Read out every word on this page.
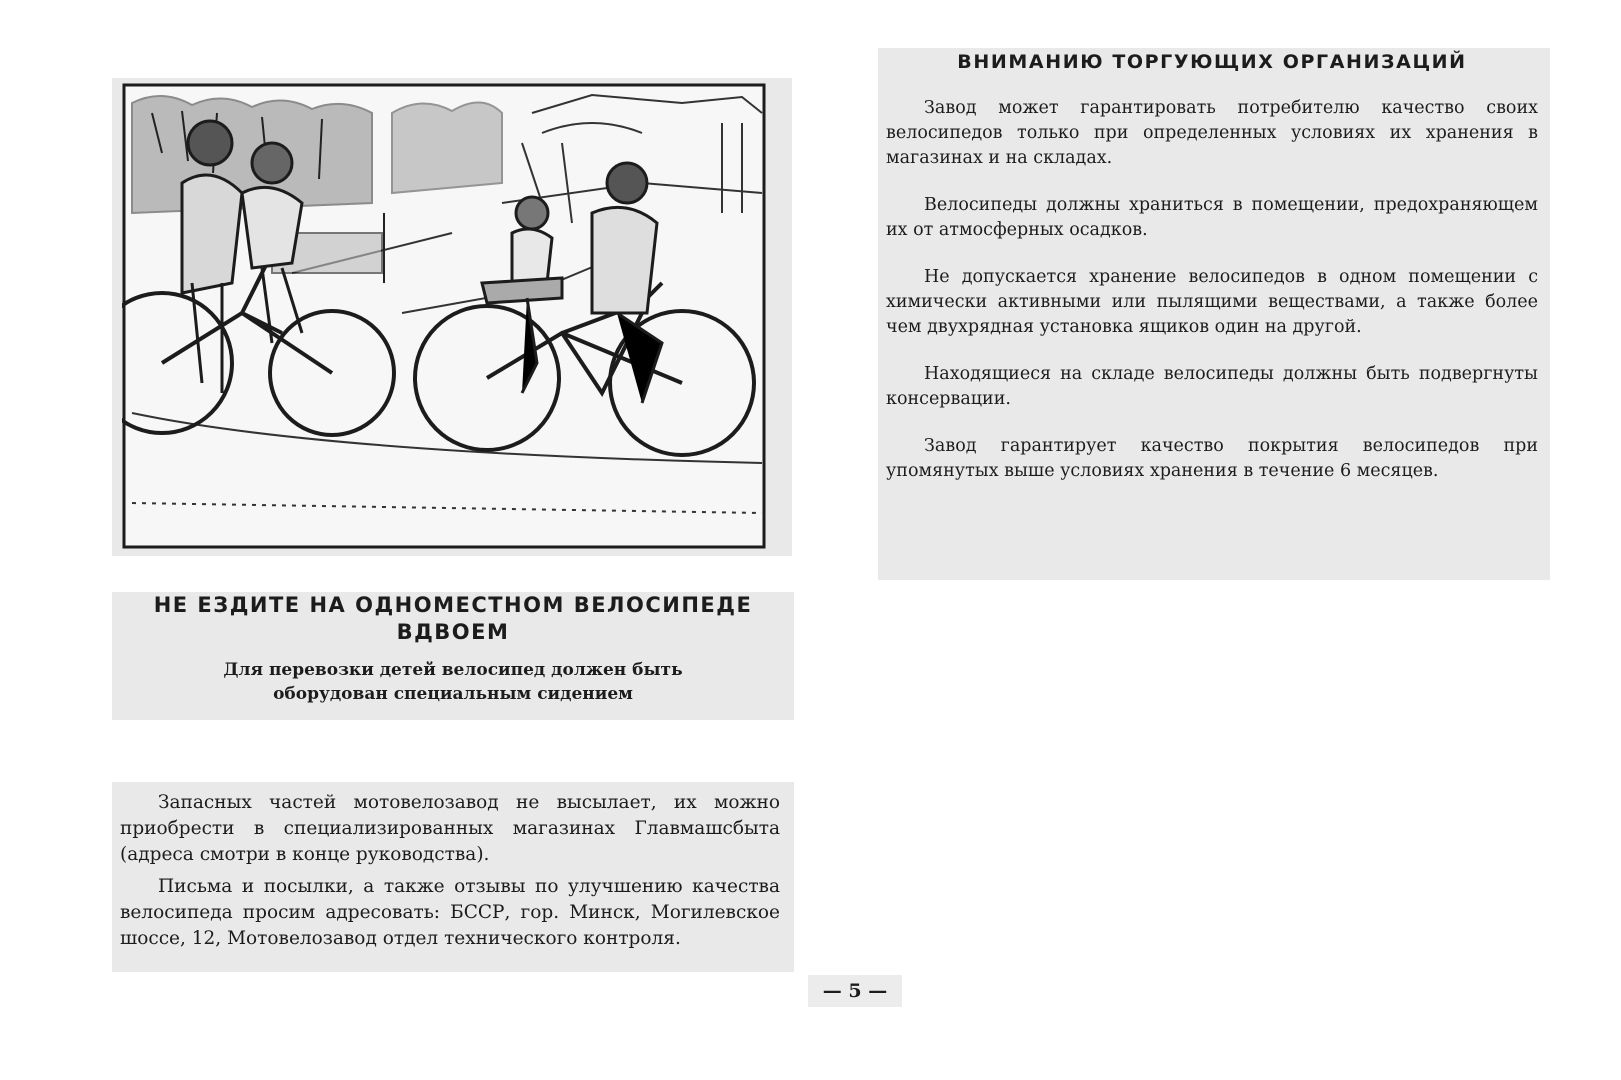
НЕ ЕЗДИТЕ НА ОДНОМЕСТНОМ ВЕЛОСИПЕДЕ
ВДВОЕМ
Для перевозки детей велосипед должен быть
оборудован специальным сидением

Запасных частей мотовелозавод не высылает, их можно приобрести в специализированных магазинах Главмашсбыта (адреса смотри в конце руководства).

Письма и посылки, а также отзывы по улучшению качества велосипеда просим адресовать: БССР, гор. Минск, Могилевское шоссе, 12, Мотовелозавод отдел технического контроля.

ВНИМАНИЮ ТОРГУЮЩИХ ОРГАНИЗАЦИЙ

Завод может гарантировать потребителю качество своих велосипедов только при определенных условиях их хранения в магазинах и на складах.

Велосипеды должны храниться в помещении, предохраняющем их от атмосферных осадков.

Не допускается хранение велосипедов в одном помещении с химически активными или пылящими веществами, а также более чем двухрядная установка ящиков один на другой.

Находящиеся на складе велосипеды должны быть подвергнуты консервации.

Завод гарантирует качество покрытия велосипедов при упомянутых выше условиях хранения в течение 6 месяцев.

— 5 —
